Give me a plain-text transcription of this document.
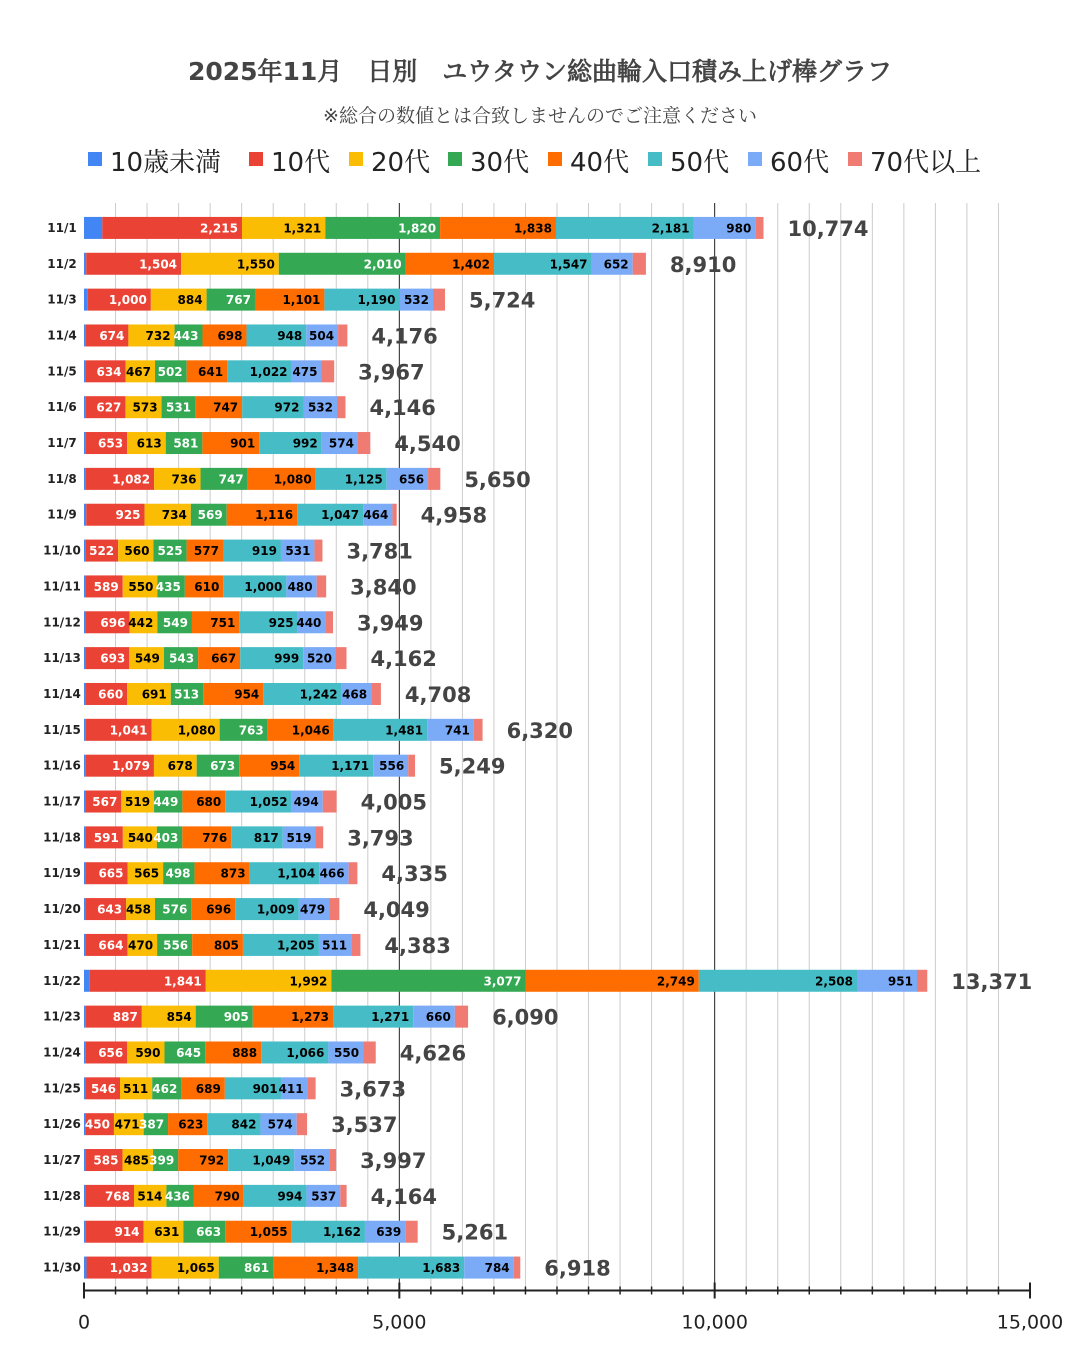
2025年11月　日別　ユウタウン総曲輪入口積み上げ棒グラフ
※総合の数値とは合致しませんのでご注意ください
10歳未満 10代 20代 30代 40代 50代 60代 70代以上
2,215	1,321	1,820	1,838	2,181	980 10,774
1,504	1,550	2,010	1,402	1,547 652 8,910
1,000	884 767	1,101	1,190 532 5,724
674 732 443 698	948 504 4,176
634 467 502 641 1,022 475 3,967
627 573 531 747	972 532 4,146
653 613 581	901	992 574 4,540
1,082 736 747	1,080	1,125 656 5,650
925 734 569	1,116 1,047 464 4,958
522 560 525 577	919 531 3,781
589 550 435 610 1,000 480 3,840
696 442 549 751	925 440 3,949
693 549 543 667	999 520 4,162
660 691 513	954	1,242 468 4,708
1,041	1,080 763 1,046	1,481 741 6,320
1,079 678 673	954	1,171 556 5,249
567 519 449 680 1,052 494 4,005
591 540 403 776 817 519 3,793
665 565 498 873	1,104 466 4,335
643 458 576 696 1,009 479 4,049
664 470 556 805	1,205 511 4,383
1,841	1,992	3,077	2,749	2,508	951 13,371
887 854	905	1,273	1,271 660 6,090
656 590 645	888 1,066 550 4,626
546 511 462 689	901 411 3,673
450 471 387 623 842 574 3,537
585 485 399 792 1,049 552 3,997
768 514 436 790	994 537 4,164
914 631 663 1,055	1,162 639 5,261
1,032 1,065 861	1,348	1,683 784 6,918
11/1
11/2
11/3
11/4
11/5
11/6
11/7
11/8
11/9
11/10
11/11
11/12
11/13
11/14
11/15
11/16
11/17
11/18
11/19
11/20
11/21
11/22
11/23
11/24
11/25
11/26
11/27
11/28
11/29
11/30
0	5,000	10,000	15,000
